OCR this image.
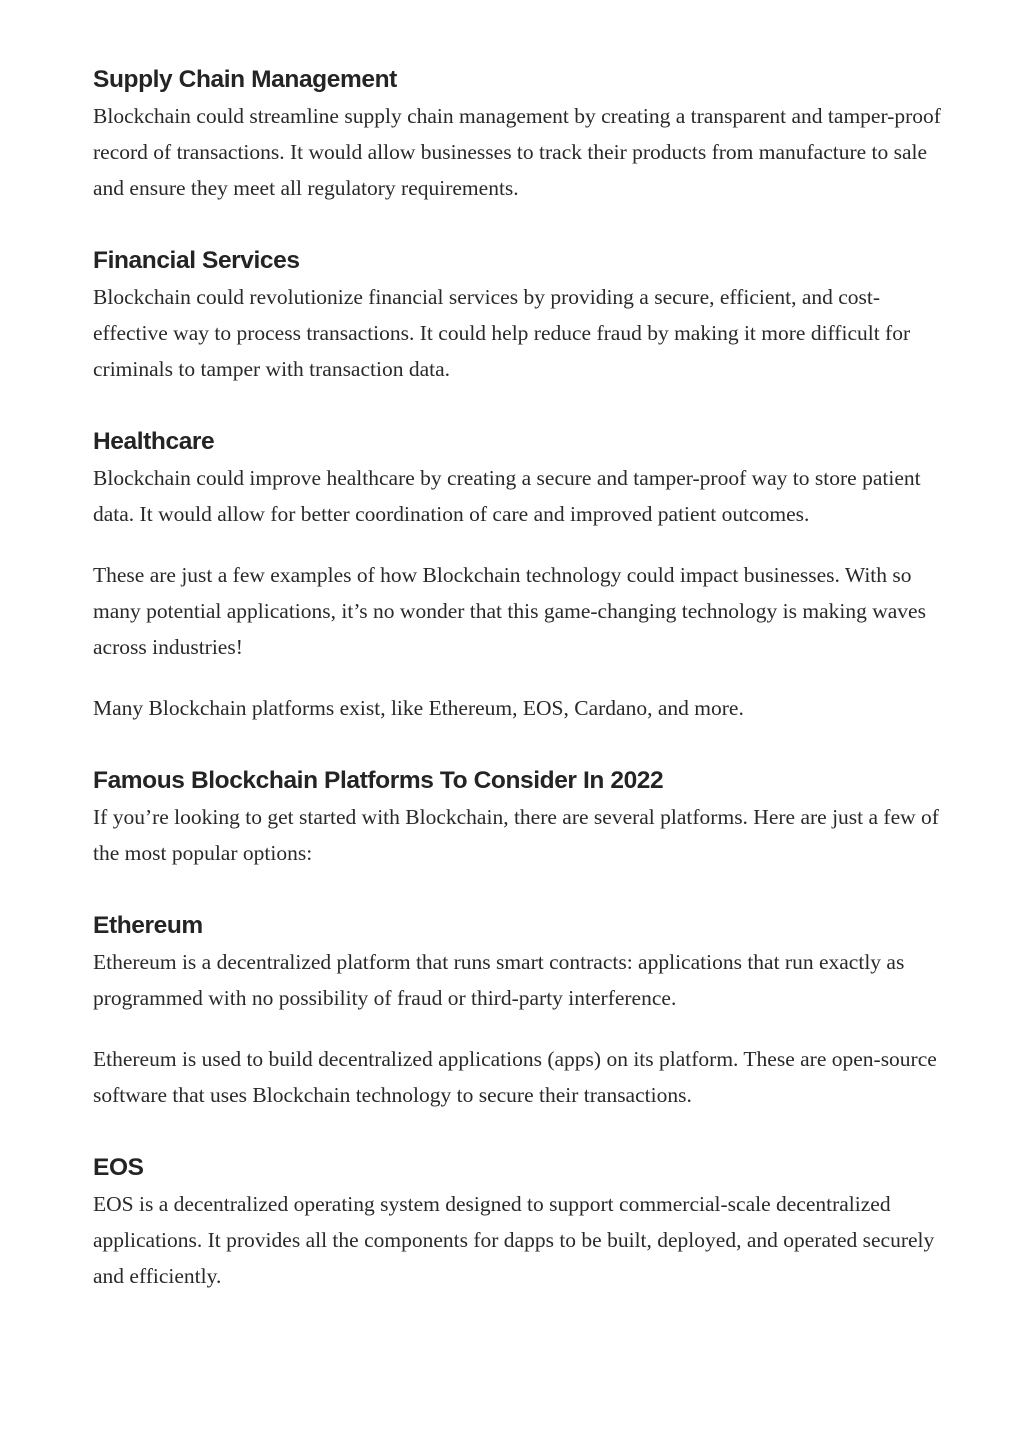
Supply Chain Management

Blockchain could streamline supply chain management by creating a transparent and tamper-proof record of transactions. It would allow businesses to track their products from manufacture to sale and ensure they meet all regulatory requirements.

Financial Services

Blockchain could revolutionize financial services by providing a secure, efficient, and cost-effective way to process transactions. It could help reduce fraud by making it more difficult for criminals to tamper with transaction data.

Healthcare

Blockchain could improve healthcare by creating a secure and tamper-proof way to store patient data. It would allow for better coordination of care and improved patient outcomes.

These are just a few examples of how Blockchain technology could impact businesses. With so many potential applications, it’s no wonder that this game-changing technology is making waves across industries!

Many Blockchain platforms exist, like Ethereum, EOS, Cardano, and more.

Famous Blockchain Platforms To Consider In 2022

If you’re looking to get started with Blockchain, there are several platforms. Here are just a few of the most popular options:

Ethereum

Ethereum is a decentralized platform that runs smart contracts: applications that run exactly as programmed with no possibility of fraud or third-party interference.

Ethereum is used to build decentralized applications (apps) on its platform. These are open-source software that uses Blockchain technology to secure their transactions.

EOS

EOS is a decentralized operating system designed to support commercial-scale decentralized applications. It provides all the components for dapps to be built, deployed, and operated securely and efficiently.
